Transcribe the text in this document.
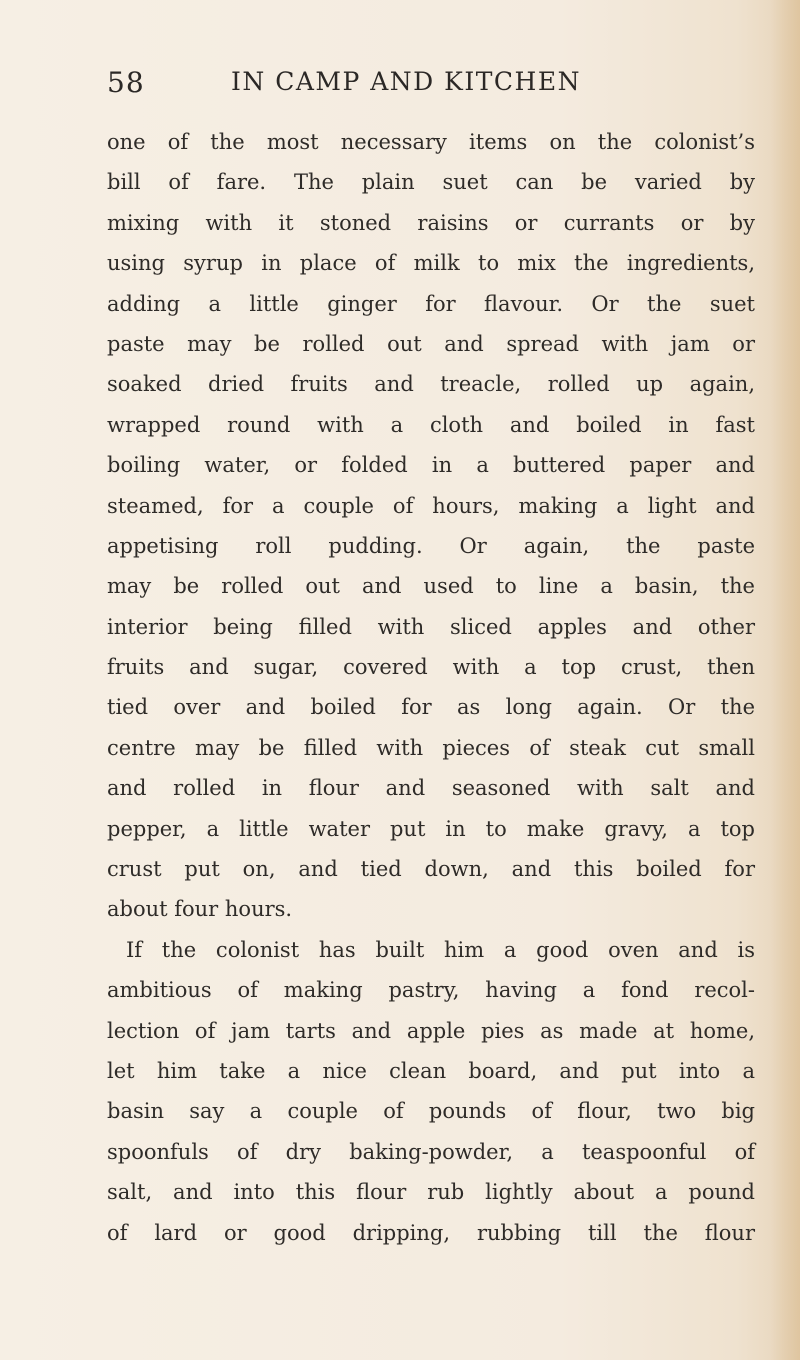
58	IN CAMP AND KITCHEN
one of the most necessary items on the colonist’s
bill of fare. The plain suet can be varied by
mixing with it stoned raisins or currants or by
using syrup in place of milk to mix the ingredients,
adding a little ginger for flavour. Or the suet
paste may be rolled out and spread with jam or
soaked dried fruits and treacle, rolled up again,
wrapped round with a cloth and boiled in fast
boiling water, or folded in a buttered paper and
steamed, for a couple of hours, making a light and
appetising roll pudding. Or again, the paste
may be rolled out and used to line a basin, the
interior being filled with sliced apples and other
fruits and sugar, covered with a top crust, then
tied over and boiled for as long again. Or the
centre may be filled with pieces of steak cut small
and rolled in flour and seasoned with salt and
pepper, a little water put in to make gravy, a top
crust put on, and tied down, and this boiled for
about four hours.
If the colonist has built him a good oven and is
ambitious of making pastry, having a fond recol-
lection of jam tarts and apple pies as made at home,
let him take a nice clean board, and put into a
basin say a couple of pounds of flour, two big
spoonfuls of dry baking-powder, a teaspoonful of
salt, and into this flour rub lightly about a pound
of lard or good dripping, rubbing till the flour
